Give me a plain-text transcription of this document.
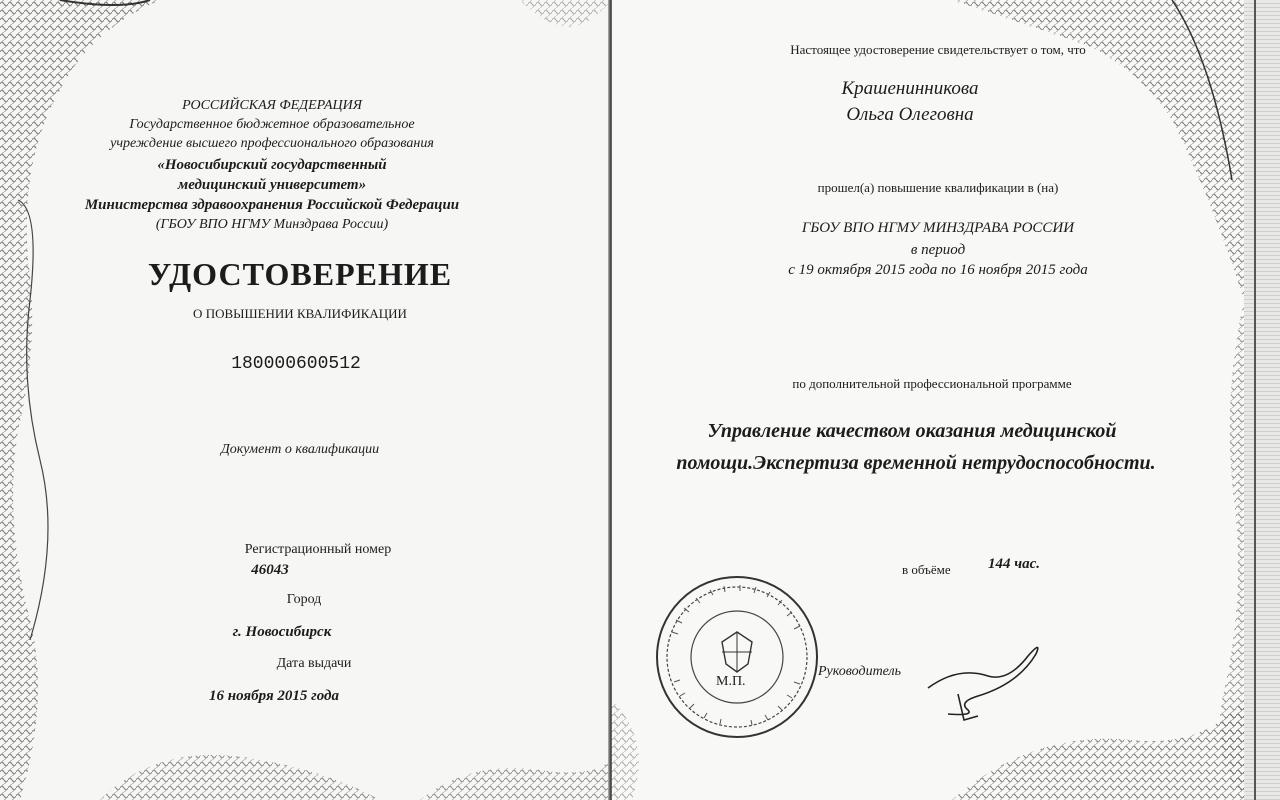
РОССИЙСКАЯ ФЕДЕРАЦИЯ
Государственное бюджетное образовательное
учреждение высшего профессионального образования
«Новосибирский государственный
медицинский университет»
Министерства здравоохранения Российской Федерации
(ГБОУ ВПО НГМУ Минздрава России)
УДОСТОВЕРЕНИЕ
О ПОВЫШЕНИИ КВАЛИФИКАЦИИ
180000600512
Документ о квалификации
Регистрационный номер
46043
Город
г. Новосибирск
Дата выдачи
16 ноября 2015 года
Настоящее удостоверение свидетельствует о том, что
Крашенинникова
Ольга Олеговна
прошел(а) повышение квалификации в (на)
ГБОУ ВПО НГМУ МИНЗДРАВА РОССИИ
в период
с 19 октября 2015 года по 16 ноября 2015 года
по дополнительной профессиональной программе
Управление качеством оказания медицинской
помощи.Экспертиза временной нетрудоспособности.
в объёме 144 час.
Руководитель
М.П.
